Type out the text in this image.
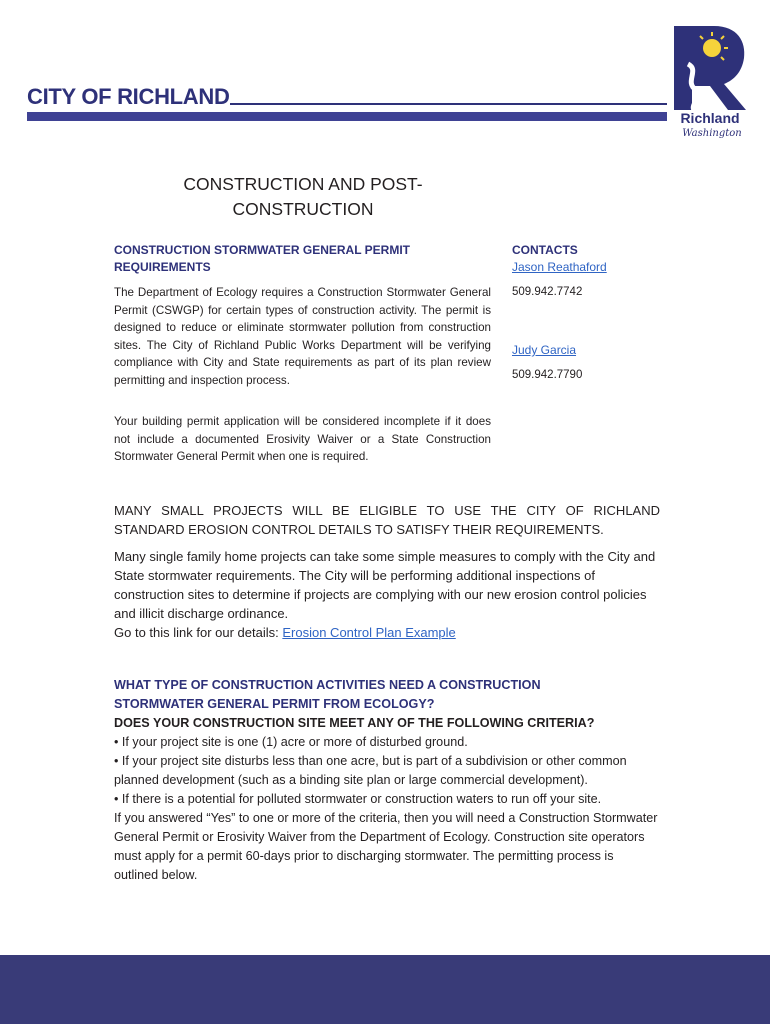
CITY OF RICHLAND
Richland
Washington
CONSTRUCTION AND POST-
CONSTRUCTION
CONSTRUCTION STORMWATER GENERAL PERMIT
REQUIREMENTS

The Department of Ecology requires a Construction Stormwater General Permit (CSWGP) for certain types of construction activity. The permit is designed to reduce or eliminate stormwater pollution from construction sites. The City of Richland Public Works Department will be verifying compliance with City and State requirements as part of its plan review permitting and inspection process.

Your building permit application will be considered incomplete if it does not include a documented Erosivity Waiver or a State Construction Stormwater General Permit when one is required.

CONTACTS
Jason Reathaford
509.942.7742
Judy Garcia
509.942.7790

MANY SMALL PROJECTS WILL BE ELIGIBLE TO USE THE CITY OF RICHLAND STANDARD EROSION CONTROL DETAILS TO SATISFY THEIR REQUIREMENTS.

Many single family home projects can take some simple measures to comply with the City and State stormwater requirements. The City will be performing additional inspections of construction sites to determine if projects are complying with our new erosion control policies and illicit discharge ordinance.

Go to this link for our details: Erosion Control Plan Example

WHAT TYPE OF CONSTRUCTION ACTIVITIES NEED A CONSTRUCTION
STORMWATER GENERAL PERMIT FROM ECOLOGY?
DOES YOUR CONSTRUCTION SITE MEET ANY OF THE FOLLOWING CRITERIA?
• If your project site is one (1) acre or more of disturbed ground.
• If your project site disturbs less than one acre, but is part of a subdivision or other common planned development (such as a binding site plan or large commercial development).
• If there is a potential for polluted stormwater or construction waters to run off your site.
If you answered “Yes” to one or more of the criteria, then you will need a Construction Stormwater General Permit or Erosivity Waiver from the Department of Ecology. Construction site operators must apply for a permit 60-days prior to discharging stormwater. The permitting process is outlined below.
